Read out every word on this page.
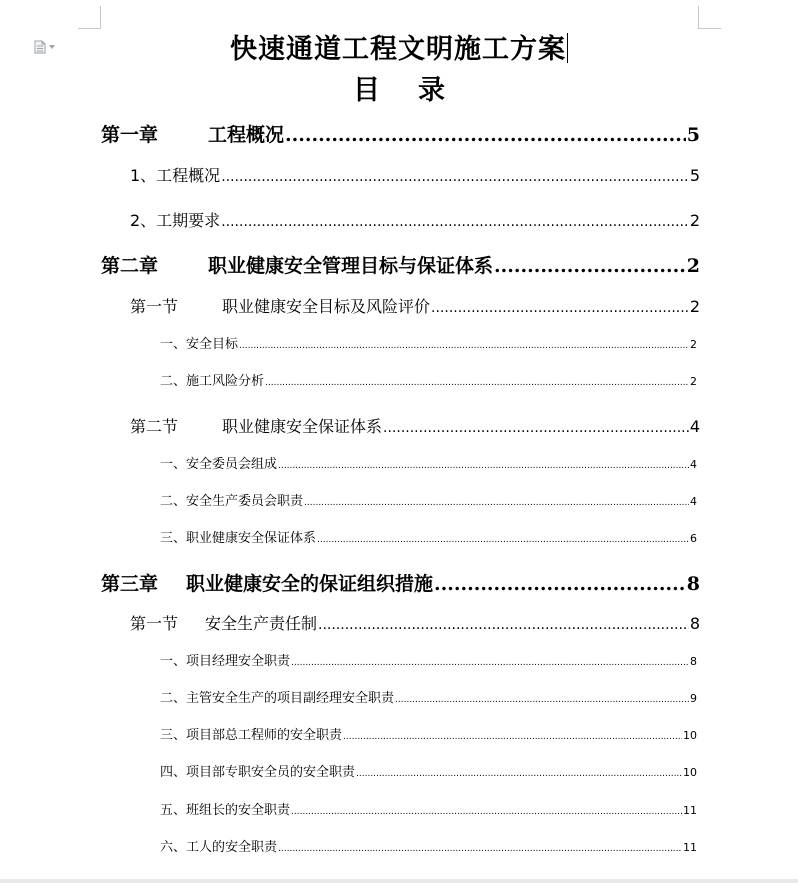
快速通道工程文明施工方案
目 录
第一章	工程概况 .....	5
1、工程概况 .....	5
2、工期要求 .....	2
第二章	职业健康安全管理目标与保证体系 .....	2
第一节	职业健康安全目标及风险评价 .....	2
一、安全目标 .....	2
二、施工风险分析 .....	2
第二节	职业健康安全保证体系 .....	4
一、安全委员会组成 .....	4
二、安全生产委员会职责 .....	4
三、职业健康安全保证体系 .....	6
第三章 职业健康安全的保证组织措施 .....	8
第一节 安全生产责任制 .....	8
一、项目经理安全职责 .....	8
二、主管安全生产的项目副经理安全职责 .....	9
三、项目部总工程师的安全职责 .....	10
四、项目部专职安全员的安全职责 .....	10
五、班组长的安全职责 .....	11
六、工人的安全职责 .....	11
